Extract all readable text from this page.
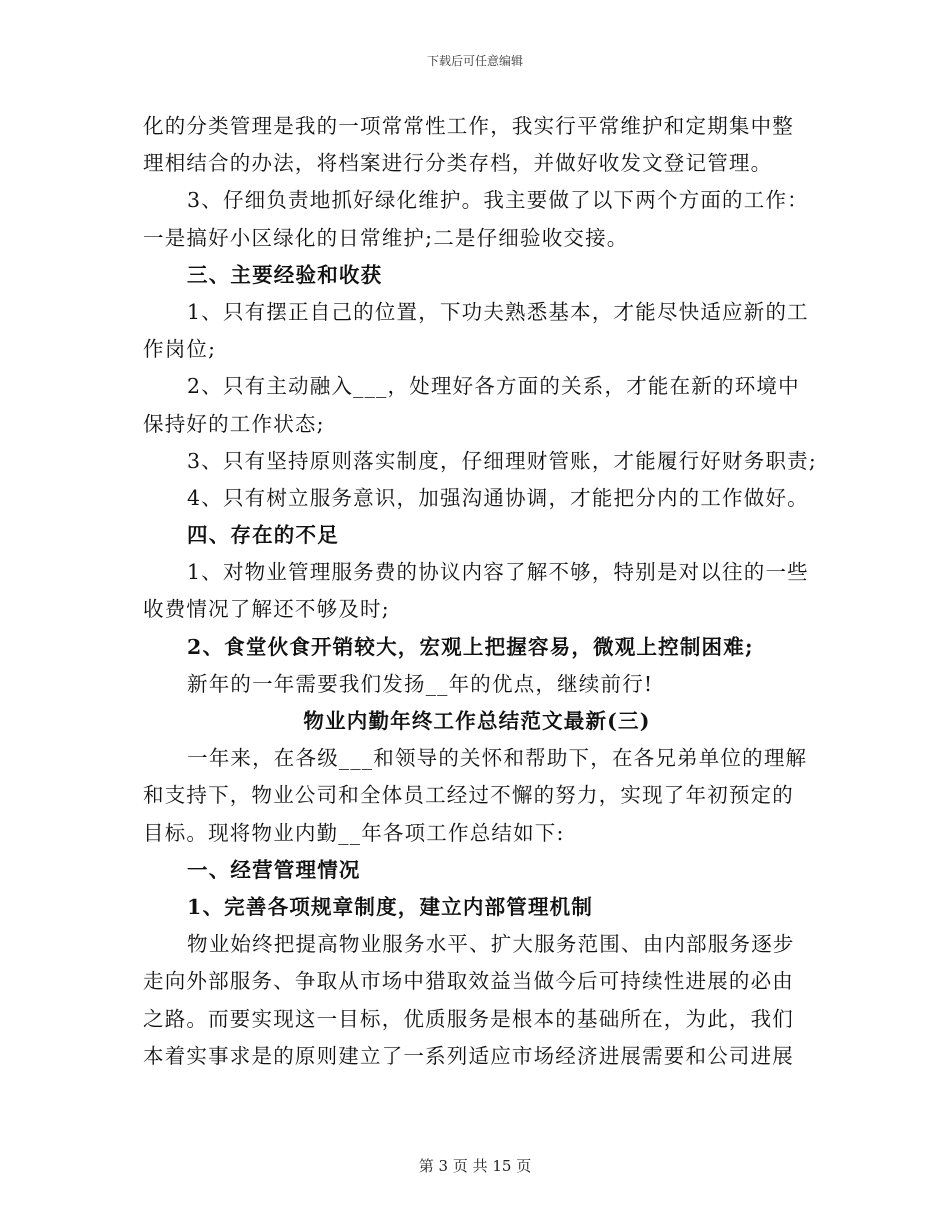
下载后可任意编辑
化的分类管理是我的一项常常性工作，我实行平常维护和定期集中整
理相结合的办法，将档案进行分类存档，并做好收发文登记管理。
3、仔细负责地抓好绿化维护。我主要做了以下两个方面的工作：
一是搞好小区绿化的日常维护;二是仔细验收交接。
三、主要经验和收获
1、只有摆正自己的位置，下功夫熟悉基本，才能尽快适应新的工
作岗位;
2、只有主动融入___，处理好各方面的关系，才能在新的环境中
保持好的工作状态;
3、只有坚持原则落实制度，仔细理财管账，才能履行好财务职责;
4、只有树立服务意识，加强沟通协调，才能把分内的工作做好。
四、存在的不足
1、对物业管理服务费的协议内容了解不够，特别是对以往的一些
收费情况了解还不够及时;
2、食堂伙食开销较大，宏观上把握容易，微观上控制困难;
新年的一年需要我们发扬__年的优点，继续前行!
物业内勤年终工作总结范文最新(三)
一年来，在各级___和领导的关怀和帮助下，在各兄弟单位的理解
和支持下，物业公司和全体员工经过不懈的努力，实现了年初预定的
目标。现将物业内勤__年各项工作总结如下:
一、经营管理情况
1、完善各项规章制度，建立内部管理机制
物业始终把提高物业服务水平、扩大服务范围、由内部服务逐步
走向外部服务、争取从市场中猎取效益当做今后可持续性进展的必由
之路。而要实现这一目标，优质服务是根本的基础所在，为此，我们
本着实事求是的原则建立了一系列适应市场经济进展需要和公司进展
第 3 页 共 15 页
